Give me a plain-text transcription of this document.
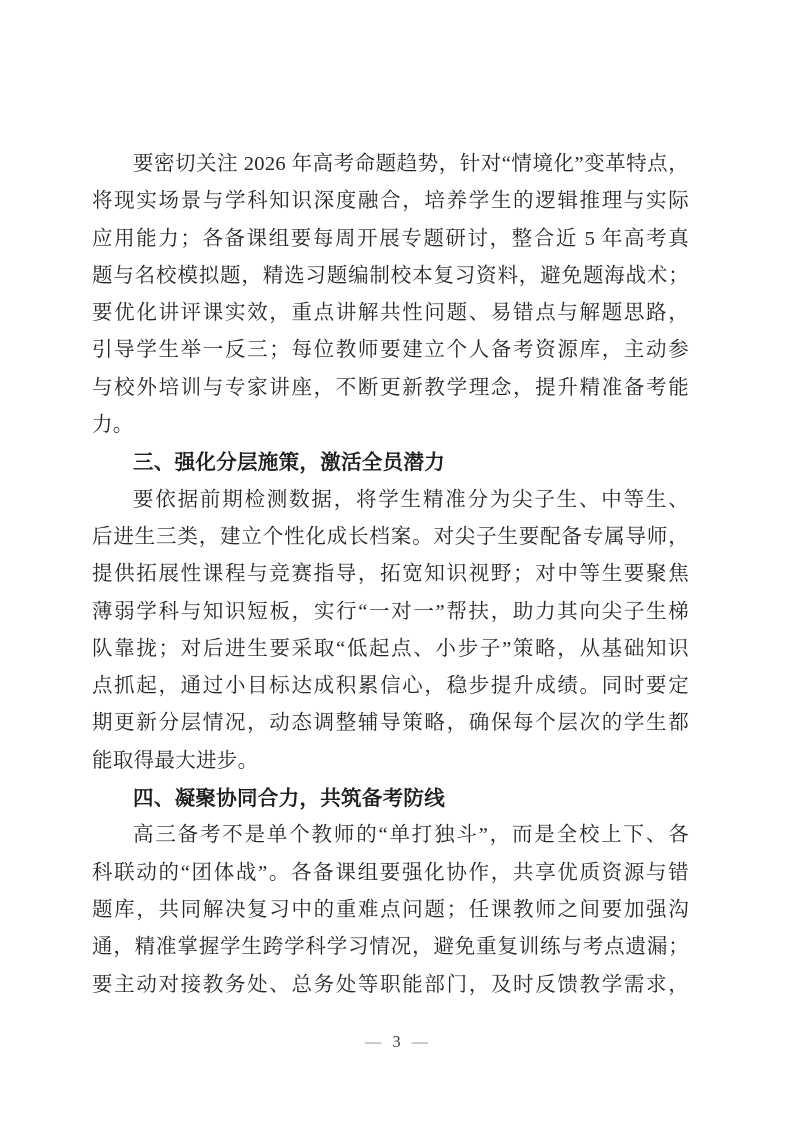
要密切关注 2026 年高考命题趋势，针对“情境化”变革特点，
将现实场景与学科知识深度融合，培养学生的逻辑推理与实际
应用能力；各备课组要每周开展专题研讨，整合近 5 年高考真
题与名校模拟题，精选习题编制校本复习资料，避免题海战术；
要优化讲评课实效，重点讲解共性问题、易错点与解题思路，
引导学生举一反三；每位教师要建立个人备考资源库，主动参
与校外培训与专家讲座，不断更新教学理念，提升精准备考能
力。
三、强化分层施策，激活全员潜力
要依据前期检测数据，将学生精准分为尖子生、中等生、
后进生三类，建立个性化成长档案。对尖子生要配备专属导师，
提供拓展性课程与竞赛指导，拓宽知识视野；对中等生要聚焦
薄弱学科与知识短板，实行“一对一”帮扶，助力其向尖子生梯
队靠拢；对后进生要采取“低起点、小步子”策略，从基础知识
点抓起，通过小目标达成积累信心，稳步提升成绩。同时要定
期更新分层情况，动态调整辅导策略，确保每个层次的学生都
能取得最大进步。
四、凝聚协同合力，共筑备考防线
高三备考不是单个教师的“单打独斗”，而是全校上下、各
科联动的“团体战”。各备课组要强化协作，共享优质资源与错
题库，共同解决复习中的重难点问题；任课教师之间要加强沟
通，精准掌握学生跨学科学习情况，避免重复训练与考点遗漏；
要主动对接教务处、总务处等职能部门，及时反馈教学需求，
— 3 —
